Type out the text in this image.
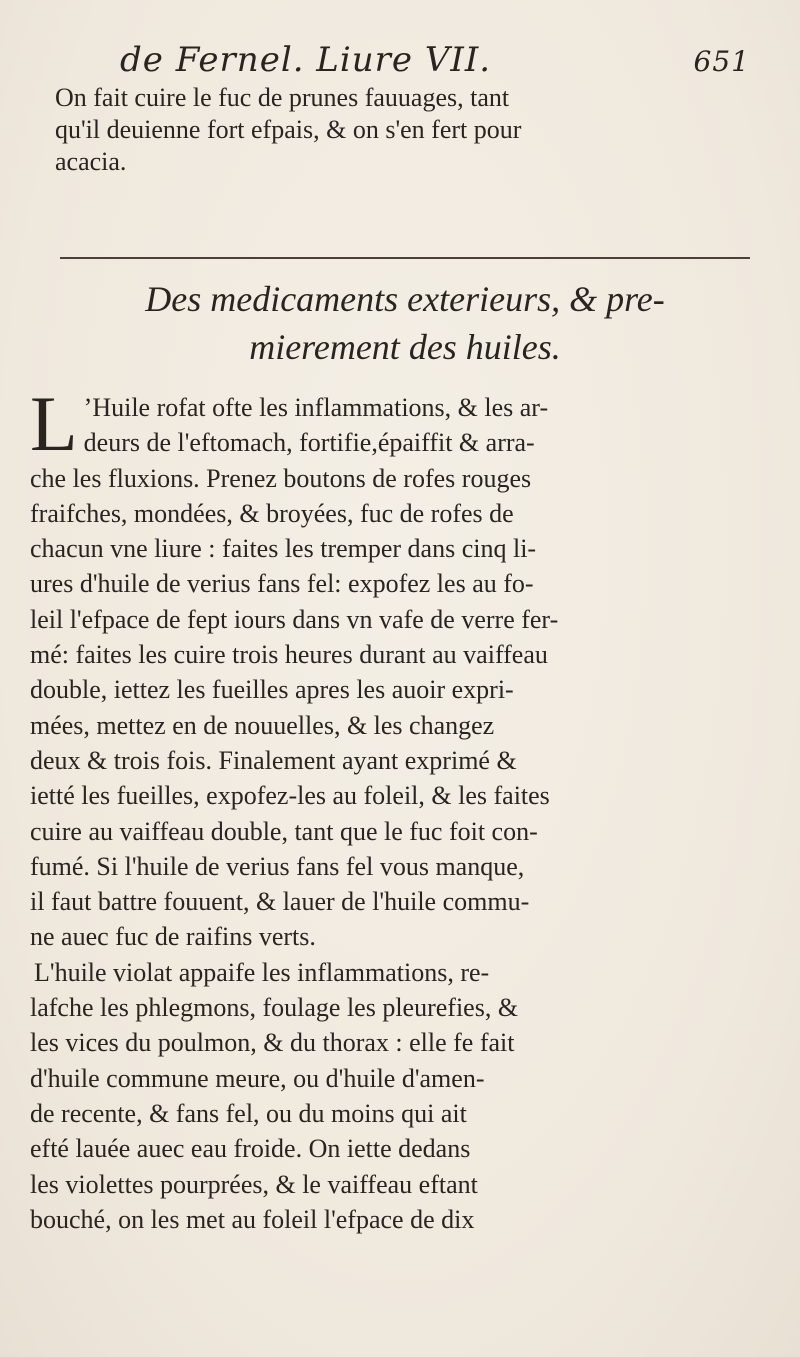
de Fernel. Liure VII.	651
On fait cuire le fuc de prunes fauuages, tant
qu'il deuienne fort efpais, & on s'en fert pour
acacia.
Des medicaments exterieurs, & pre-
mierement des huiles.
L ’Huile rofat ofte les inflammations, & les ar-
deurs de l'eftomach, fortifie,épaiffit & arra-
che les fluxions. Prenez boutons de rofes rouges
fraifches, mondées, & broyées, fuc de rofes de
chacun vne liure : faites les tremper dans cinq li-
ures d'huile de verius fans fel: expofez les au fo-
leil l'efpace de fept iours dans vn vafe de verre fer-
mé: faites les cuire trois heures durant au vaiffeau
double, iettez les fueilles apres les auoir expri-
mées, mettez en de nouuelles, & les changez
deux & trois fois. Finalement ayant exprimé &
ietté les fueilles, expofez-les au foleil, & les faites
cuire au vaiffeau double, tant que le fuc foit con-
fumé. Si l'huile de verius fans fel vous manque,
il faut battre fouuent, & lauer de l'huile commu-
ne auec fuc de raifins verts.
L'huile violat appaife les inflammations, re-
lafche les phlegmons, foulage les pleurefies, &
les vices du poulmon, & du thorax : elle fe fait
d'huile commune meure, ou d'huile d'amen-
de recente, & fans fel, ou du moins qui ait
efté lauée auec eau froide. On iette dedans
les violettes pourprées, & le vaiffeau eftant
bouché, on les met au foleil l'efpace de dix
